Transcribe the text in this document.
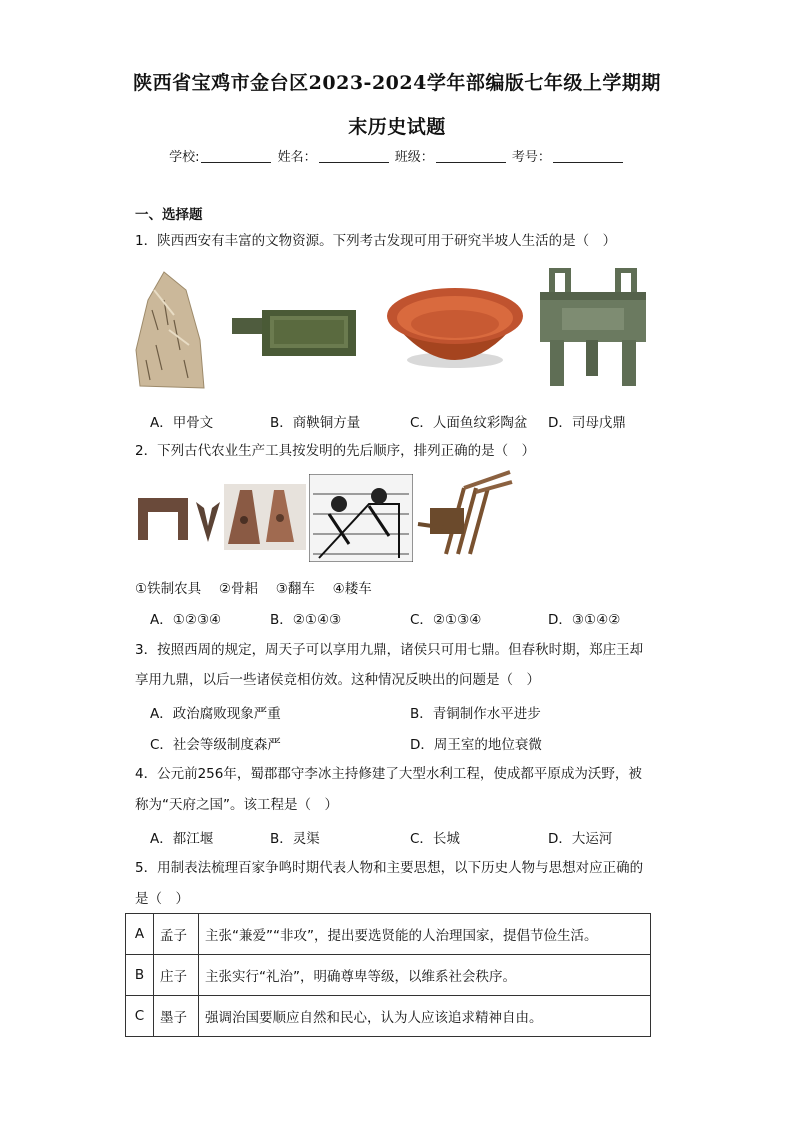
陕西省宝鸡市金台区2023-2024学年部编版七年级上学期期
末历史试题
学校:	姓名：	班级：	考号：
一、选择题
1．陕西西安有丰富的文物资源。下列考古发现可用于研究半坡人生活的是（　）
A．甲骨文	B．商鞅铜方量	C．人面鱼纹彩陶盆 D．司母戊鼎
2．下列古代农业生产工具按发明的先后顺序，排列正确的是（　）
①铁制农具　 ②骨耜　 ③翻车　 ④耧车
A．①②③④	B．②①④③	C．②①③④	D．③①④②
3．按照西周的规定，周天子可以享用九鼎，诸侯只可用七鼎。但春秋时期，郑庄王却
享用九鼎，以后一些诸侯竞相仿效。这种情况反映出的问题是（　）
A．政治腐败现象严重	B．青铜制作水平进步
C．社会等级制度森严	D．周王室的地位衰微
4．公元前256年，蜀郡郡守李冰主持修建了大型水利工程，使成都平原成为沃野，被
称为“天府之国”。该工程是（　）
A．都江堰	B．灵渠	C．长城	D．大运河
5．用制表法梳理百家争鸣时期代表人物和主要思想，以下历史人物与思想对应正确的
是（　）
A	孟子	主张“兼爱”“非攻”，提出要选贤能的人治理国家，提倡节俭生活。
B	庄子	主张实行“礼治”，明确尊卑等级，以维系社会秩序。
C	墨子	强调治国要顺应自然和民心，认为人应该追求精神自由。
